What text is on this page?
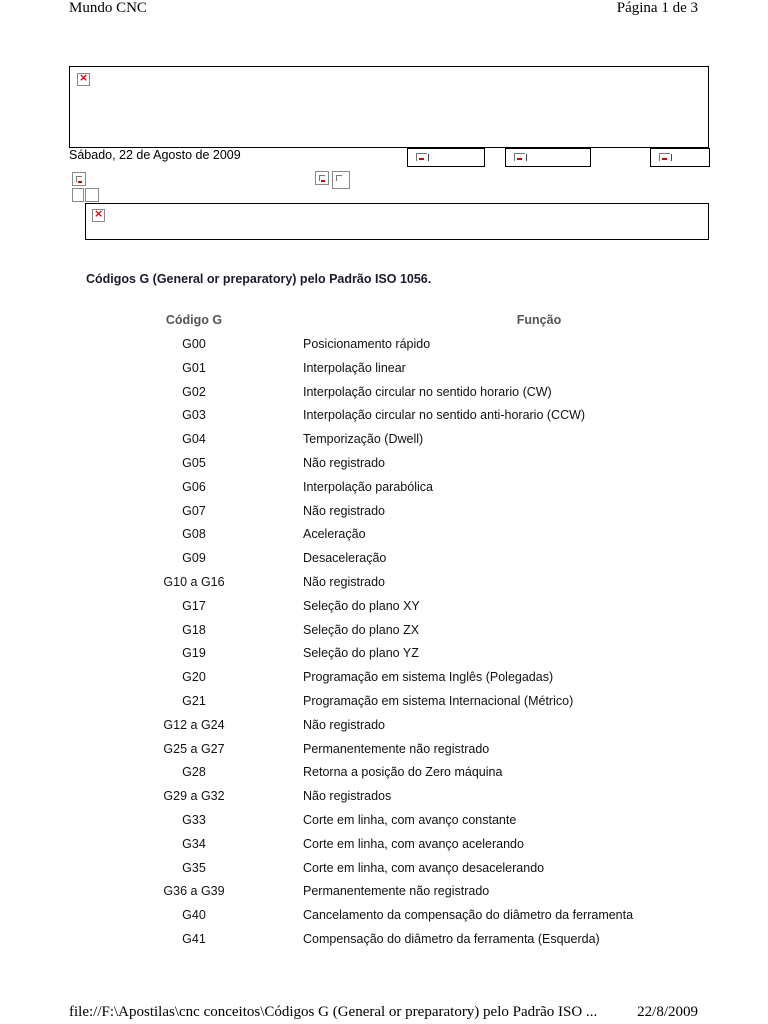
Mundo CNC	Página 1 de 3
×
Sábado, 22 de Agosto de 2009
×
Códigos G (General or preparatory) pelo Padrão ISO 1056.
Código G	Função
G00	Posicionamento rápido
G01	Interpolação linear
G02	Interpolação circular no sentido horario (CW)
G03	Interpolação circular no sentido anti-horario (CCW)
G04	Temporização (Dwell)
G05	Não registrado
G06	Interpolação parabólica
G07	Não registrado
G08	Aceleração
G09	Desaceleração
G10 a G16	Não registrado
G17	Seleção do plano XY
G18	Seleção do plano ZX
G19	Seleção do plano YZ
G20	Programação em sistema Inglês (Polegadas)
G21	Programação em sistema Internacional (Métrico)
G12 a G24	Não registrado
G25 a G27	Permanentemente não registrado
G28	Retorna a posição do Zero máquina
G29 a G32	Não registrados
G33	Corte em linha, com avanço constante
G34	Corte em linha, com avanço acelerando
G35	Corte em linha, com avanço desacelerando
G36 a G39	Permanentemente não registrado
G40	Cancelamento da compensação do diâmetro da ferramenta
G41	Compensação do diâmetro da ferramenta (Esquerda)
file://F:\Apostilas\cnc conceitos\Códigos G (General or preparatory) pelo Padrão ISO ...	22/8/2009
